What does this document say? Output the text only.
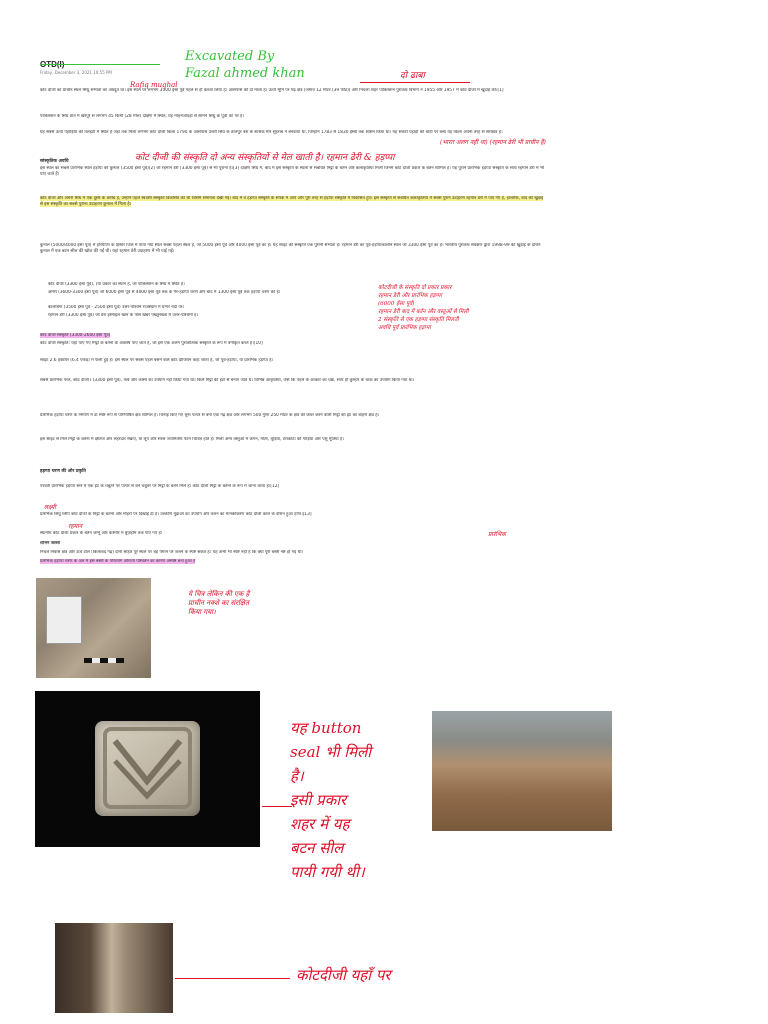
OTD(I)
Friday, December 3, 2021 10:55 PM
Excavated By
Fazal ahmed khan
Rafiq mughal
दो ढाबा
कोट दीजी का प्राचीन स्थल सिंधु सभ्यता का अग्रदूत था। इस स्थल पर लगभग 3300 ईसा पूर्व पहले से ही कब्जा लिया है। आसपास की दो माला है। ऊँची भूमि पर गढ़ क्षेत्र (जमाव 12 मीटर (39 फीट)) और निचला शहर पाकिस्तान पुरातत्व विभाग ने 1955 और 1957 में कोट दीजी में खुदाई की।[1]
पाकिस्तान के सिंध प्रांत में खैरपुर से लगभग 45 किमी (28 मील) दक्षिण में स्थित, यह मोहनजोदड़ो से सामने सिंधु के पूर्वी तट पर है।
यह सबसे ऊँची पहाड़ियों की तलहटी में स्थित है जहां तक मिला लगभग कोट दीजी किला 1790 के आसपास उत्तरी सिंध के तालपुर वंश के शासक मीर सुहराब ने बनवाया था, जिन्होंने 1783 से 1830 ईस्वी तक शासन किया था। यह संकरी पहाड़ी की चोटी पर बसा यह किला अपनी तरह से संरक्षित है।
कोट दीजी की संस्कृति दो अन्य संस्कृतियों से मेल खाती है। रहमान ढेरी & हड़प्पा
(भारत अलग नहीं था) (रहमान ढेरी भी प्राचीन है)
सांस्कृतिक अवधि
इस स्थल का सबसे प्रारंभिक स्थल हड़प्पा की कुनाल (3500 ईसा पूर्व)[2] जो रहमान डेरी (3300 ईसा पूर्व) से भी पुराना है।[3] दक्षिण सिंध में, बाद में इस संस्कृति के स्थलों से संबंधित मिट्टी के बर्तन और कलाकृतियां मिलीं जिनमें कोट दीजी प्रकार के बर्तन शामिल हैं। यह पुराने प्रारंभिक हड़प्पा संस्कृति के साथ रहमान डेरी में भी पाए जाते हैं।
कोट दीजी और अमरी सिंध में एक दूसरे के करीब हैं, उन्होंने पहले स्वदेशी संस्कृति विकसित की थी जिसमें समानता देखी गई। बाद में वे हड़प्पा संस्कृति के संपर्क में आए और पूरी तरह से हड़प्पा संस्कृति में विकसित हुए। इस संस्कृति से संबंधित कलाकृतियों में सबसे पुराने उदाहरण रहमान डेरी में पाए गए हैं, हालांकि, बाद की खुदाई से इस संस्कृति का सबसे पुराना उदाहरण कुनाल में मिला है।
कुनाल (5000/4000 ईसा पूर्व) में हरियाणा के हिसार जिले में पाया गया स्थल सबसे पहला स्थल है, जो 5000 ईसा पूर्व और 4000 ईसा पूर्व का है। यह साइट की संस्कृति एक पुरानी सभ्यता है। रहमान डेरी का पूर्व-हड़प्पाकालीन स्थल जो 3300 ईसा पूर्व का है। भारतीय पुरातत्व सर्वेक्षण द्वारा 1998-99 की खुदाई के दौरान कुनाल में एक बटन सील की खोज की गई थी। यहां रहमान डेरी उदाहरण में भी पाई गई।
कोट दीजी (3300 ईसा पूर्व), (या प्रकार का स्थान है, जो पाकिस्तान के सिंध में स्थित है।
अमरी (3600-3300 ईसा पूर्व) जो 6000 ईसा पूर्व से 4000 ईसा पूर्व तक के गैर-हड़प्पा चरण और बाद में 1300 ईसा पूर्व तक हड़प्पा चरण की है।
कालीबंगा (3500 ईसा पूर्व - 2500 ईसा पूर्व) उत्तर-पश्चिम राजस्थान में घग्गर नदी पर।
रहमान डेरी (3300 ईसा पूर्व) जो डेरा इस्माइल खान के पास खैबर पख्तूनख्वा में उत्तर-पश्चिमी है।
कोट दीजी संस्कृति (3300-2600 ईसा पूर्व)
कोट दीजी संस्कृति: यहां पाए गए मिट्टी के बर्तनों के अवशेष पाए जाते हैं, जो इसे एक अलग पुरातात्विक संस्कृति के रूप में वर्गीकृत करते हैं।[10]
साइट 2.6 हेक्टेयर (6.4 एकड़) में फैली हुई है। इस स्थल पर सबसे पहले बसने वाले कोट दीजियन कहा जाता है, जो पूर्व-हड़प्पा, या प्रारंभिक हड़प्पा हैं।
सबसे प्रारंभिक परत, कोट दीजी I (3300 ईसा पूर्व), तांबे और कांस्य का उपयोग नहीं किया गया था। किले मिट्टी की ईंटों से बनाए जाते थे। विभिन्न आकृतियों, जैसे कि पहले के आकार का चक्र, साथ ही कुम्हार के चाक का उपयोग किया गया था।
प्रारंभिक हड़प्पा चरण के निर्माण में दो स्पष्ट रूप से परिभाषित क्षेत्र शामिल हैं। चिनाई किए गए चूना पत्थर से बना एक गढ़ क्षेत्र और लगभग 500 गुणा 250 मीटर के क्षेत्र को कवर करने वाली मिट्टी की ईंट का बाहरी क्षेत्र है।
इस साइट से मिले मिट्टी के बर्तनों में क्षैतिज और लहरदार रेखाएं, या लूप और सरल ज्यामितीय पैटर्न चित्रित होते हैं। मिली अन्य वस्तुओं में कंगन, मोती, चूड़ियां, टेराकोटा की गाड़ियां और पशु मूर्तियाँ हैं।
हड़प्पा चरण की ओर प्रकृति
परवर्ती प्रारंभिक हड़प्पा स्तर में एक ईंट के चबूतरे पर पत्थर से बने चबूतरे पर मिट्टी के बर्तन मिले हैं। कोट दीजी मिट्टी के बर्तनों के रूप में जाना जाता है।[12]
प्रारंभिक सिंधु लिपि कोट दीजी के मिट्टी के बर्तनों और मोहरों पर दिखाई दी है। उल्कीर्ण मुद्राओं का उपयोग और वजन का मानकीकरण कोट दीजी काल के दौरान हुआ होगा।[13]
स्थानीय कोट दीजी प्रकार के बर्तन जम्मू और कश्मीर में बुर्ज़होम तक पाए गए हैं।
शोभन जल्ला
निचले निवास क्षेत्र और ऊंचे टीले (किलाबंद गढ़) दोनों सहित पूरे स्थल पर बड़े पैमाने पर जलने के स्पष्ट संकेत हैं। यह अभी भी स्पष्ट नहीं है कि क्या पूरी बस्ती नष्ट हो गई थी।
प्रारंभिक हड़प्पा चरण के अंत में इस बस्ती के परित्याग और/या परिवर्तन का कारण अस्पष्ट बना हुआ है
कोटदीजी के संस्कृति दो प्रकार प्रकार
रहमान डेरी और प्रारंभिक हड़प्पा
(6000 ईसा पूर्व)
रहमान डेरी बाद में बर्तन और वस्तुओं से मिली
2 संस्कृति से एक हड़प्पा संस्कृति मिलती
अवधि पूर्व प्रारंभिक हड़प्पा
लक्ष्मी
रहमान
प्रारंभिक
ये चित्र लेकिन की एक है प्राचीन नक्शे का संरक्षित किया गया।
यह button
seal भी मिली
है।
इसी प्रकार
शहर में यह
बटन सील
पायी गयी थी।
कोटदीजी यहाँ पर
